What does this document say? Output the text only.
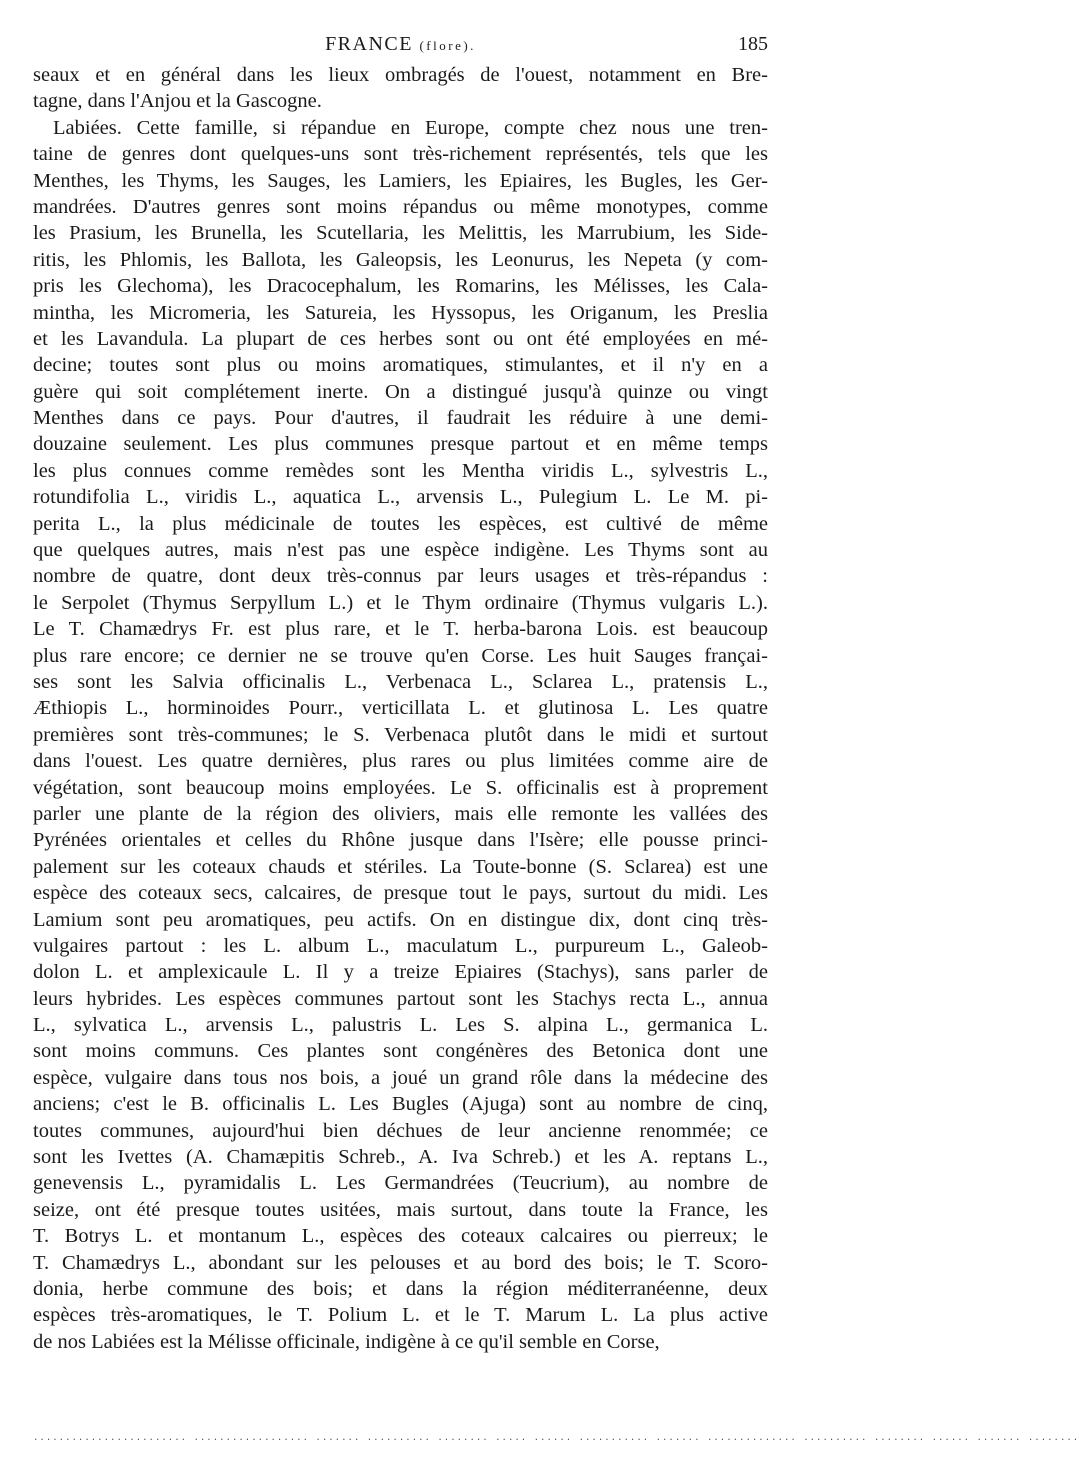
FRANCE (flore).	185
seaux et en général dans les lieux ombragés de l'ouest, notamment en Bre-
tagne, dans l'Anjou et la Gascogne.
Labiées. Cette famille, si répandue en Europe, compte chez nous une tren-
taine de genres dont quelques-uns sont très-richement représentés, tels que les
Menthes, les Thyms, les Sauges, les Lamiers, les Epiaires, les Bugles, les Ger-
mandrées. D'autres genres sont moins répandus ou même monotypes, comme
les Prasium, les Brunella, les Scutellaria, les Melittis, les Marrubium, les Side-
ritis, les Phlomis, les Ballota, les Galeopsis, les Leonurus, les Nepeta (y com-
pris les Glechoma), les Dracocephalum, les Romarins, les Mélisses, les Cala-
mintha, les Micromeria, les Satureia, les Hyssopus, les Origanum, les Preslia
et les Lavandula. La plupart de ces herbes sont ou ont été employées en mé-
decine; toutes sont plus ou moins aromatiques, stimulantes, et il n'y en a
guère qui soit complétement inerte. On a distingué jusqu'à quinze ou vingt
Menthes dans ce pays. Pour d'autres, il faudrait les réduire à une demi-
douzaine seulement. Les plus communes presque partout et en même temps
les plus connues comme remèdes sont les Mentha viridis L., sylvestris L.,
rotundifolia L., viridis L., aquatica L., arvensis L., Pulegium L. Le M. pi-
perita L., la plus médicinale de toutes les espèces, est cultivé de même
que quelques autres, mais n'est pas une espèce indigène. Les Thyms sont au
nombre de quatre, dont deux très-connus par leurs usages et très-répandus :
le Serpolet (Thymus Serpyllum L.) et le Thym ordinaire (Thymus vulgaris L.).
Le T. Chamædrys Fr. est plus rare, et le T. herba-barona Lois. est beaucoup
plus rare encore; ce dernier ne se trouve qu'en Corse. Les huit Sauges françai-
ses sont les Salvia officinalis L., Verbenaca L., Sclarea L., pratensis L.,
Æthiopis L., horminoides Pourr., verticillata L. et glutinosa L. Les quatre
premières sont très-communes; le S. Verbenaca plutôt dans le midi et surtout
dans l'ouest. Les quatre dernières, plus rares ou plus limitées comme aire de
végétation, sont beaucoup moins employées. Le S. officinalis est à proprement
parler une plante de la région des oliviers, mais elle remonte les vallées des
Pyrénées orientales et celles du Rhône jusque dans l'Isère; elle pousse princi-
palement sur les coteaux chauds et stériles. La Toute-bonne (S. Sclarea) est une
espèce des coteaux secs, calcaires, de presque tout le pays, surtout du midi. Les
Lamium sont peu aromatiques, peu actifs. On en distingue dix, dont cinq très-
vulgaires partout : les L. album L., maculatum L., purpureum L., Galeob-
dolon L. et amplexicaule L. Il y a treize Epiaires (Stachys), sans parler de
leurs hybrides. Les espèces communes partout sont les Stachys recta L., annua
L., sylvatica L., arvensis L., palustris L. Les S. alpina L., germanica L.
sont moins communs. Ces plantes sont congénères des Betonica dont une
espèce, vulgaire dans tous nos bois, a joué un grand rôle dans la médecine des
anciens; c'est le B. officinalis L. Les Bugles (Ajuga) sont au nombre de cinq,
toutes communes, aujourd'hui bien déchues de leur ancienne renommée; ce
sont les Ivettes (A. Chamæpitis Schreb., A. Iva Schreb.) et les A. reptans L.,
genevensis L., pyramidalis L. Les Germandrées (Teucrium), au nombre de
seize, ont été presque toutes usitées, mais surtout, dans toute la France, les
T. Botrys L. et montanum L., espèces des coteaux calcaires ou pierreux; le
T. Chamædrys L., abondant sur les pelouses et au bord des bois; le T. Scoro-
donia, herbe commune des bois; et dans la région méditerranéenne, deux
espèces très-aromatiques, le T. Polium L. et le T. Marum L. La plus active
de nos Labiées est la Mélisse officinale, indigène à ce qu'il semble en Corse,
........................ .................. ....... .......... ........ ..... ...... ........... ....... .............. .......... ........ ...... ....... ........
